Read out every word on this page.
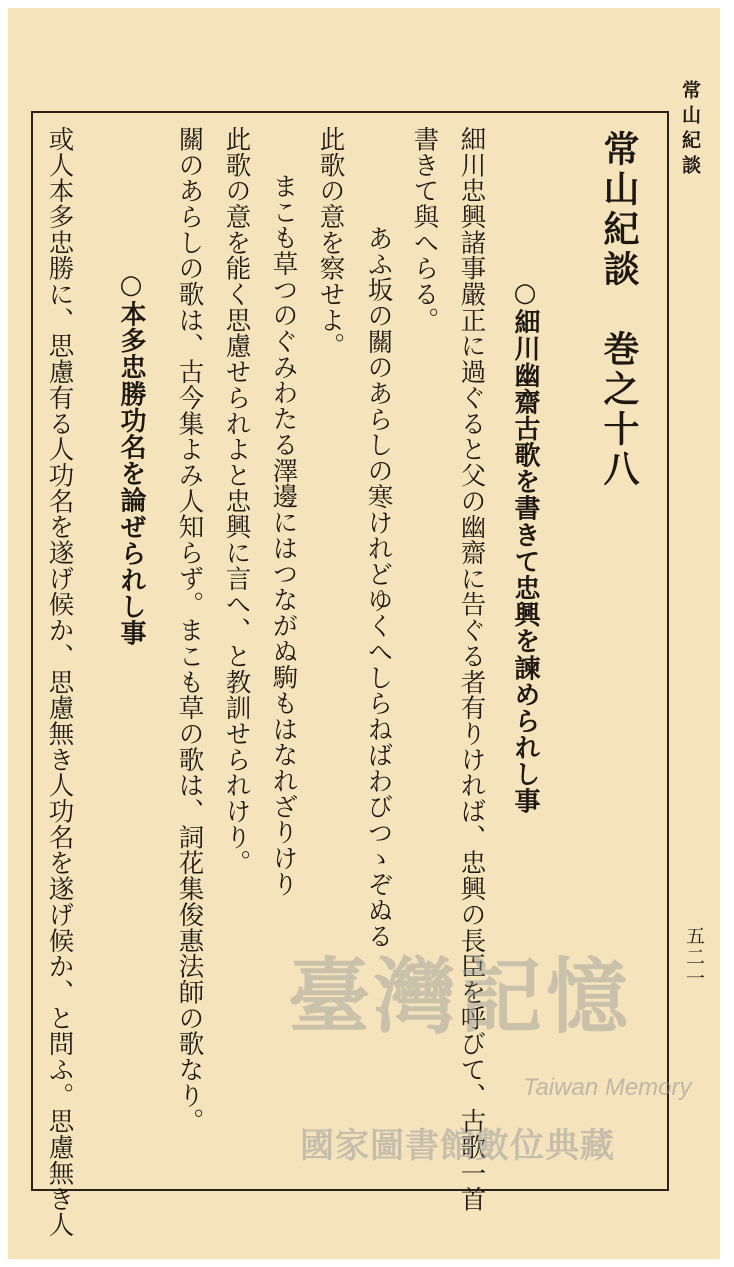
常山紀談
五二一
常山紀談　巻之十八
○細川幽齋古歌を書きて忠興を諫められし事
細川忠興諸事嚴正に過ぐると父の幽齋に告ぐる者有りければ、忠興の長臣を呼びて、古歌一首
書きて與へらる。
あふ坂の關のあらしの寒けれどゆくへしらねばわびつゝぞぬる
此歌の意を察せよ。
まこも草つのぐみわたる澤邊にはつながぬ駒もはなれざりけり
此歌の意を能く思慮せられよと忠興に言へ、と教訓せられけり。
關のあらしの歌は、古今集よみ人知らず。まこも草の歌は、詞花集俊惠法師の歌なり。
○本多忠勝功名を論ぜられし事
或人本多忠勝に、思慮有る人功名を遂げ候か、思慮無き人功名を遂げ候か、と問ふ。思慮無き人	臺灣記憶
Taiwan Memory
國家圖書館數位典藏
